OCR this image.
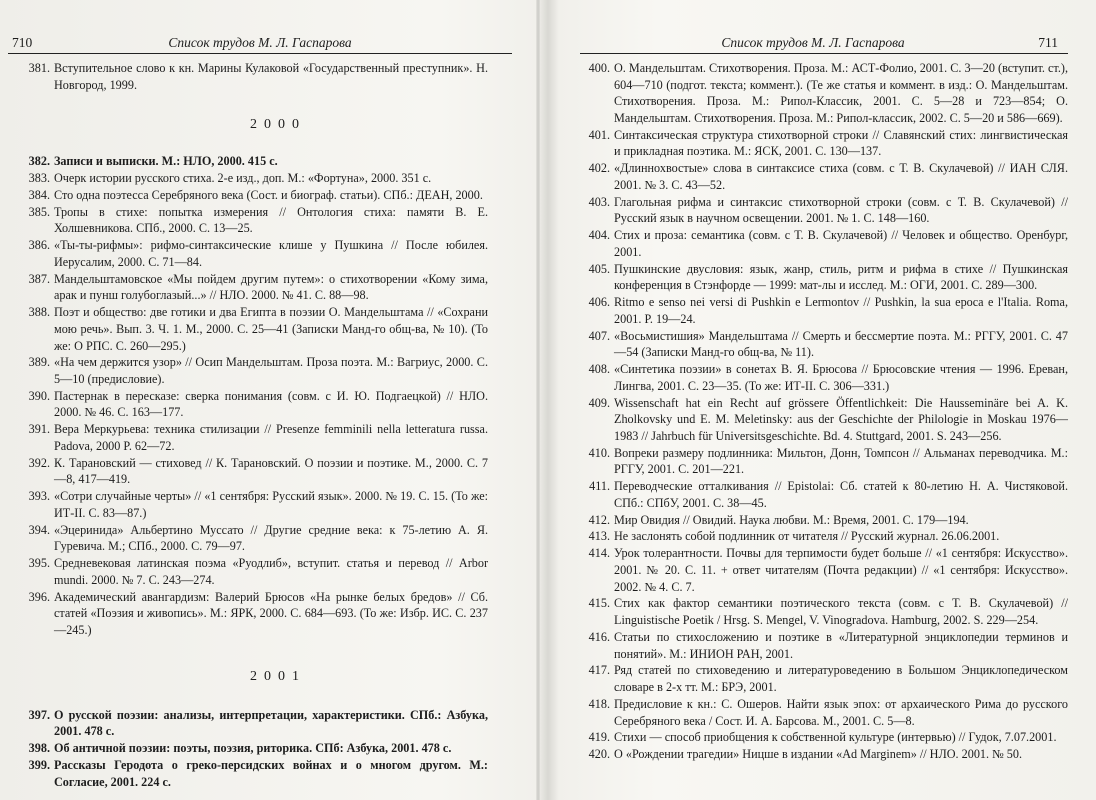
710	Список трудов М. Л. Гаспарова
381. Вступительное слово к кн. Марины Кулаковой «Государственный преступник». Н. Новгород, 1999.
2000
382. Записи и выписки. М.: НЛО, 2000. 415 с.
383. Очерк истории русского стиха. 2-е изд., доп. М.: «Фортуна», 2000. 351 с.
384. Сто одна поэтесса Серебряного века (Сост. и биограф. статьи). СПб.: ДЕАН, 2000.
385. Тропы в стихе: попытка измерения // Онтология стиха: памяти В. Е. Холшевникова. СПб., 2000. С. 13—25.
386. «Ты-ты-рифмы»: рифмо-синтаксические клише у Пушкина // После юбилея. Иерусалим, 2000. С. 71—84.
387. Мандельштамовское «Мы пойдем другим путем»: о стихотворении «Кому зима, арак и пунш голубоглазый...» // НЛО. 2000. № 41. С. 88—98.
388. Поэт и общество: две готики и два Египта в поэзии О. Мандельштама // «Сохрани мою речь». Вып. 3. Ч. 1. М., 2000. С. 25—41 (Записки Манд-го общ-ва, № 10). (То же: О РПС. С. 260—295.)
389. «На чем держится узор» // Осип Мандельштам. Проза поэта. М.: Вагриус, 2000. С. 5—10 (предисловие).
390. Пастернак в пересказе: сверка понимания (совм. с И. Ю. Подгаецкой) // НЛО. 2000. № 46. С. 163—177.
391. Вера Меркурьева: техника стилизации // Presenze femminili nella letteratura russa. Padova, 2000 P. 62—72.
392. К. Тарановский — стиховед // К. Тарановский. О поэзии и поэтике. М., 2000. С. 7—8, 417—419.
393. «Сотри случайные черты» // «1 сентября: Русский язык». 2000. № 19. С. 15. (То же: ИТ-II. С. 83—87.)
394. «Эцеринида» Альбертино Муссато // Другие средние века: к 75-летию А. Я. Гуревича. М.; СПб., 2000. С. 79—97.
395. Средневековая латинская поэма «Руодлиб», вступит. статья и перевод // Arbor mundi. 2000. № 7. С. 243—274.
396. Академический авангардизм: Валерий Брюсов «На рынке белых бредов» // Сб. статей «Поэзия и живопись». М.: ЯРК, 2000. С. 684—693. (То же: Избр. ИС. С. 237—245.)
2001
397. О русской поэзии: анализы, интерпретации, характеристики. СПб.: Азбука, 2001. 478 с.
398. Об античной поэзии: поэты, поэзия, риторика. СПб: Азбука, 2001. 478 с.
399. Рассказы Геродота о греко-персидских войнах и о многом другом. М.: Согласие, 2001. 224 с.
Список трудов М. Л. Гаспарова	711
400. О. Мандельштам. Стихотворения. Проза. М.: АСТ-Фолио, 2001. С. 3—20 (вступит. ст.), 604—710 (подгот. текста; коммент.). (Те же статья и коммент. в изд.: О. Мандельштам. Стихотворения. Проза. М.: Рипол-Классик, 2001. С. 5—28 и 723—854; О. Мандельштам. Стихотворения. Проза. М.: Рипол-классик, 2002. С. 5—20 и 586—669).
401. Синтаксическая структура стихотворной строки // Славянский стих: лингвистическая и прикладная поэтика. М.: ЯСК, 2001. С. 130—137.
402. «Длиннохвостые» слова в синтаксисе стиха (совм. с Т. В. Скулачевой) // ИАН СЛЯ. 2001. № 3. С. 43—52.
403. Глагольная рифма и синтаксис стихотворной строки (совм. с Т. В. Скулачевой) // Русский язык в научном освещении. 2001. № 1. С. 148—160.
404. Стих и проза: семантика (совм. с Т. В. Скулачевой) // Человек и общество. Оренбург, 2001.
405. Пушкинские двусловия: язык, жанр, стиль, ритм и рифма в стихе // Пушкинская конференция в Стэнфорде — 1999: мат-лы и исслед. М.: ОГИ, 2001. С. 289—300.
406. Ritmo e senso nei versi di Pushkin e Lermontov // Pushkin, la sua epoca e l'Italia. Roma, 2001. P. 19—24.
407. «Восьмистишия» Мандельштама // Смерть и бессмертие поэта. М.: РГГУ, 2001. С. 47—54 (Записки Манд-го общ-ва, № 11).
408. «Синтетика поэзии» в сонетах В. Я. Брюсова // Брюсовские чтения — 1996. Ереван, Лингва, 2001. С. 23—35. (То же: ИТ-II. С. 306—331.)
409. Wissenschaft hat ein Recht auf grösserе Öffentlichkeit: Die Hausseminäre bei A. K. Zholkovsky und E. M. Meletinsky: aus der Geschichte der Philologie in Moskau 1976—1983 // Jahrbuch für Universitsgeschichte. Bd. 4. Stuttgard, 2001. S. 243—256.
410. Вопреки размеру подлинника: Мильтон, Донн, Томпсон // Альманах переводчика. М.: РГГУ, 2001. С. 201—221.
411. Переводческие отталкивания // Epistolai: Сб. статей к 80-летию Н. А. Чистяковой. СПб.: СПбУ, 2001. С. 38—45.
412. Мир Овидия // Овидий. Наука любви. М.: Время, 2001. С. 179—194.
413. Не заслонять собой подлинник от читателя // Русский журнал. 26.06.2001.
414. Урок толерантности. Почвы для терпимости будет больше // «1 сентября: Искусство». 2001. № 20. С. 11. + ответ читателям (Почта редакции) // «1 сентября: Искусство». 2002. № 4. С. 7.
415. Стих как фактор семантики поэтического текста (совм. с Т. В. Скулачевой) // Linguistische Poetik / Hrsg. S. Mengel, V. Vinogradova. Hamburg, 2002. S. 229—254.
416. Статьи по стихосложению и поэтике в «Литературной энциклопедии терминов и понятий». М.: ИНИОН РАН, 2001.
417. Ряд статей по стиховедению и литературоведению в Большом Энциклопедическом словаре в 2-х тт. М.: БРЭ, 2001.
418. Предисловие к кн.: С. Ошеров. Найти язык эпох: от архаического Рима до русского Серебряного века / Сост. И. А. Барсова. М., 2001. С. 5—8.
419. Стихи — способ приобщения к собственной культуре (интервью) // Гудок, 7.07.2001.
420. О «Рождении трагедии» Ницше в издании «Ad Marginem» // НЛО. 2001. № 50.
